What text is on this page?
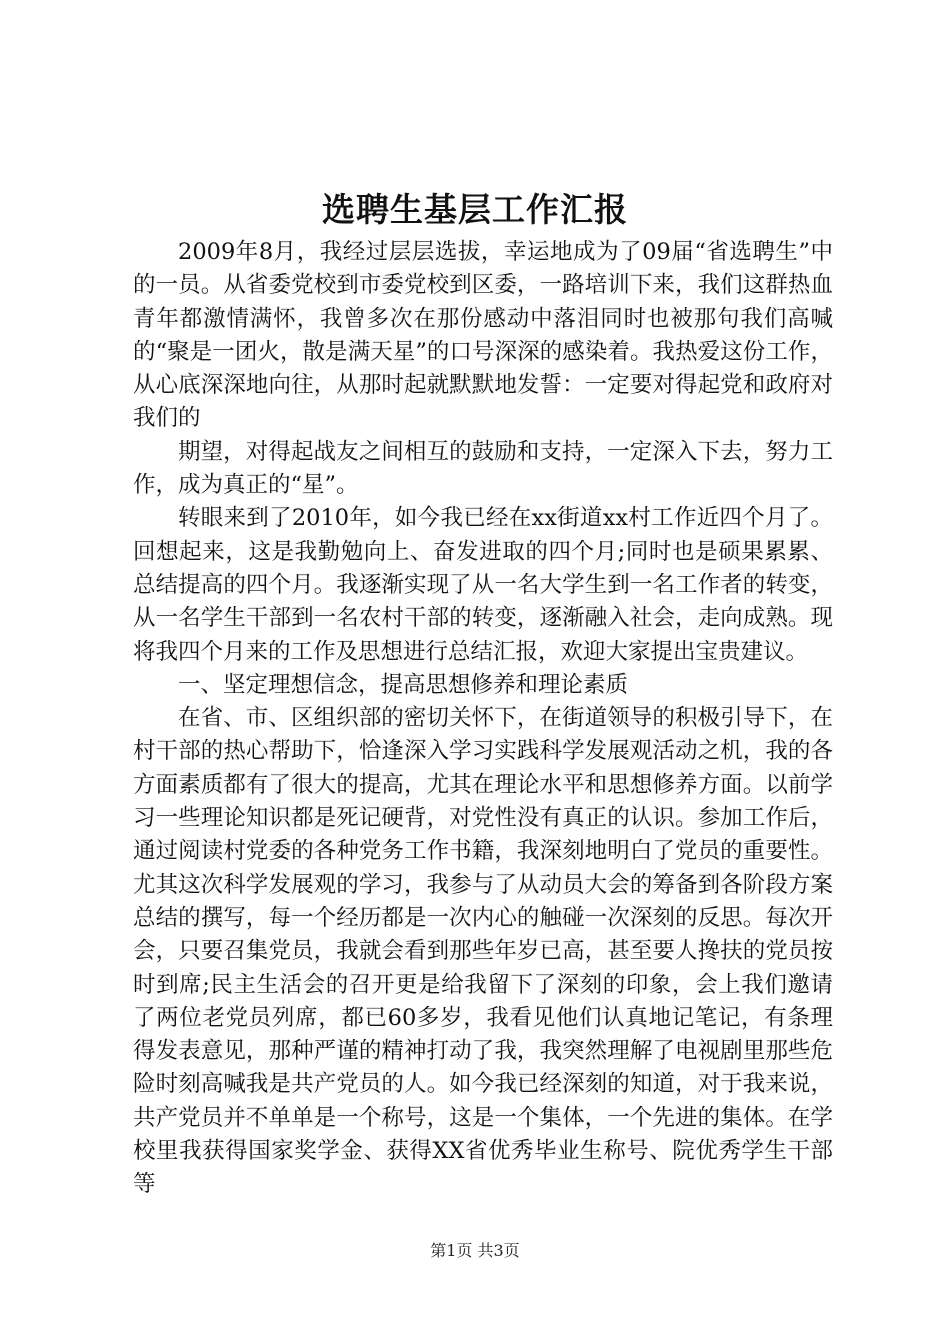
选聘生基层工作汇报

2009年8月，我经过层层选拔，幸运地成为了09届“省选聘生”中的一员。从省委党校到市委党校到区委，一路培训下来，我们这群热血青年都激情满怀，我曾多次在那份感动中落泪同时也被那句我们高喊的“聚是一团火，散是满天星”的口号深深的感染着。我热爱这份工作，从心底深深地向往，从那时起就默默地发誓：一定要对得起党和政府对我们的

期望，对得起战友之间相互的鼓励和支持，一定深入下去，努力工作，成为真正的“星”。

转眼来到了2010年，如今我已经在xx街道xx村工作近四个月了。回想起来，这是我勤勉向上、奋发进取的四个月;同时也是硕果累累、总结提高的四个月。我逐渐实现了从一名大学生到一名工作者的转变，从一名学生干部到一名农村干部的转变，逐渐融入社会，走向成熟。现将我四个月来的工作及思想进行总结汇报，欢迎大家提出宝贵建议。

一、坚定理想信念，提高思想修养和理论素质

在省、市、区组织部的密切关怀下，在街道领导的积极引导下，在村干部的热心帮助下，恰逢深入学习实践科学发展观活动之机，我的各方面素质都有了很大的提高，尤其在理论水平和思想修养方面。以前学习一些理论知识都是死记硬背，对党性没有真正的认识。参加工作后，通过阅读村党委的各种党务工作书籍，我深刻地明白了党员的重要性。尤其这次科学发展观的学习，我参与了从动员大会的筹备到各阶段方案总结的撰写，每一个经历都是一次内心的触碰一次深刻的反思。每次开会，只要召集党员，我就会看到那些年岁已高，甚至要人搀扶的党员按时到席;民主生活会的召开更是给我留下了深刻的印象，会上我们邀请了两位老党员列席，都已60多岁，我看见他们认真地记笔记，有条理得发表意见，那种严谨的精神打动了我，我突然理解了电视剧里那些危险时刻高喊我是共产党员的人。如今我已经深刻的知道，对于我来说，共产党员并不单单是一个称号，这是一个集体，一个先进的集体。在学校里我获得国家奖学金、获得XX省优秀毕业生称号、院优秀学生干部等

第1页 共3页
